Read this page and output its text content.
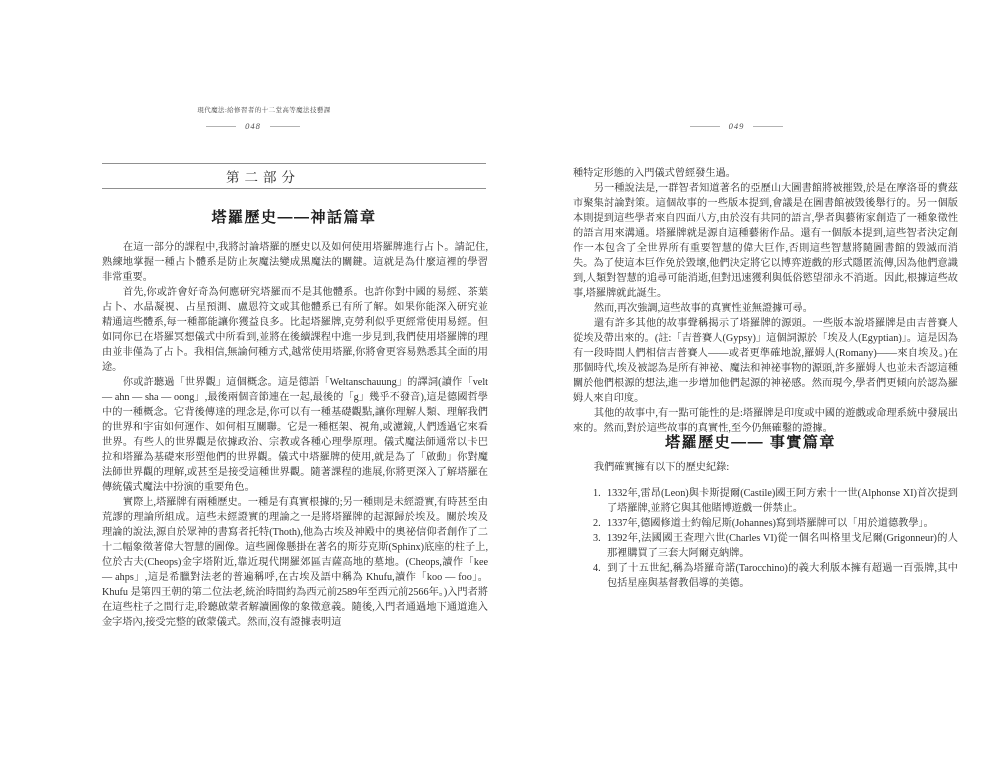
現代魔法:給修習者的十二堂高等魔法技藝課
048
第二部分
塔羅歷史——神話篇章

在這一部分的課程中,我將討論塔羅的歷史以及如何使用塔羅牌進行占卜。請記住,熟練地掌握一種占卜體系是防止灰魔法變成黑魔法的關鍵。這就是為什麼這裡的學習非常重要。

首先,你或許會好奇為何應研究塔羅而不是其他體系。也許你對中國的易經、茶葉占卜、水晶凝視、占星預測、盧恩符文或其他體系已有所了解。如果你能深入研究並精通這些體系,每一種都能讓你獲益良多。比起塔羅牌,克勞利似乎更經常使用易經。但如同你已在塔羅冥想儀式中所看到,並將在後續課程中進一步見到,我們使用塔羅牌的理由並非僅為了占卜。我相信,無論何種方式,越常使用塔羅,你將會更容易熟悉其全面的用途。

你或許聽過「世界觀」這個概念。這是德語「Weltanschauung」的譯詞(讀作「velt — ahn — sha — oong」,最後兩個音節連在一起,最後的「g」幾乎不發音),這是德國哲學中的一種概念。它背後傳達的理念是,你可以有一種基礎觀點,讓你理解人類、理解我們的世界和宇宙如何運作、如何相互關聯。它是一種框架、視角,或濾鏡,人們透過它來看世界。有些人的世界觀是依據政治、宗教或各種心理學原理。儀式魔法師通常以卡巴拉和塔羅為基礎來形塑他們的世界觀。儀式中塔羅牌的使用,就是為了「啟動」你對魔法師世界觀的理解,或甚至是接受這種世界觀。隨著課程的進展,你將更深入了解塔羅在傳統儀式魔法中扮演的重要角色。

實際上,塔羅牌有兩種歷史。一種是有真實根據的;另一種則是未經證實,有時甚至由荒謬的理論所組成。這些未經證實的理論之一是將塔羅牌的起源歸於埃及。關於埃及理論的說法,源自於眾神的書寫者托特(Thoth),他為古埃及神殿中的奧祕信仰者創作了二十二幅象徵著偉大智慧的圖像。這些圖像懸掛在著名的斯芬克斯(Sphinx)底座的柱子上,位於古夫(Cheops)金字塔附近,靠近現代開羅郊區吉薩高地的墓地。(Cheops,讀作「kee — ahps」,這是希臘對法老的普遍稱呼,在古埃及語中稱為 Khufu,讀作「koo — foo」。Khufu 是第四王朝的第二位法老,統治時間約為西元前2589年至西元前2566年。)入門者將在這些柱子之間行走,聆聽啟蒙者解讀圖像的象徵意義。隨後,入門者通過地下通道進入金字塔內,接受完整的啟蒙儀式。然而,沒有證據表明這

049

種特定形態的入門儀式曾經發生過。

另一種說法是,一群智者知道著名的亞歷山大圖書館將被摧毀,於是在摩洛哥的費茲市聚集討論對策。這個故事的一些版本提到,會議是在圖書館被毀後舉行的。另一個版本則提到這些學者來自四面八方,由於沒有共同的語言,學者與藝術家創造了一種象徵性的語言用來溝通。塔羅牌就是源自這種藝術作品。還有一個版本提到,這些智者決定創作一本包含了全世界所有重要智慧的偉大巨作,否則這些智慧將隨圖書館的毀滅而消失。為了使這本巨作免於毀壞,他們決定將它以博弈遊戲的形式隱匿流傳,因為他們意識到,人類對智慧的追尋可能消逝,但對迅速獲利與低俗慾望卻永不消逝。因此,根據這些故事,塔羅牌就此誕生。

然而,再次強調,這些故事的真實性並無證據可尋。

還有許多其他的故事聲稱揭示了塔羅牌的源頭。一些版本說塔羅牌是由吉普賽人從埃及帶出來的。(註:「吉普賽人(Gypsy)」這個詞源於「埃及人(Egyptian)」。這是因為有一段時間人們相信吉普賽人——或者更準確地說,羅姆人(Romany)——來自埃及。)在那個時代,埃及被認為是所有神祕、魔法和神祕事物的源頭,許多羅姆人也並未否認這種關於他們根源的想法,進一步增加他們起源的神祕感。然而現今,學者們更傾向於認為羅姆人來自印度。

其他的故事中,有一點可能性的是:塔羅牌是印度或中國的遊戲或命理系統中發展出來的。然而,對於這些故事的真實性,至今仍無確鑿的證據。

塔羅歷史—— 事實篇章

我們確實擁有以下的歷史紀錄:

1. 1332年,雷昂(Leon)與卡斯提爾(Castile)國王阿方索十一世(Alphonse XI)首次提到了塔羅牌,並將它與其他賭博遊戲一併禁止。
2. 1337年,德國修道士約翰尼斯(Johannes)寫到塔羅牌可以「用於道德教學」。
3. 1392年,法國國王查理六世(Charles VI)從一個名叫格里戈尼爾(Grigonneur)的人那裡購買了三套大阿爾克納牌。
4. 到了十五世紀,稱為塔羅奇諾(Tarocchino)的義大利版本擁有超過一百張牌,其中包括星座與基督教倡導的美德。
